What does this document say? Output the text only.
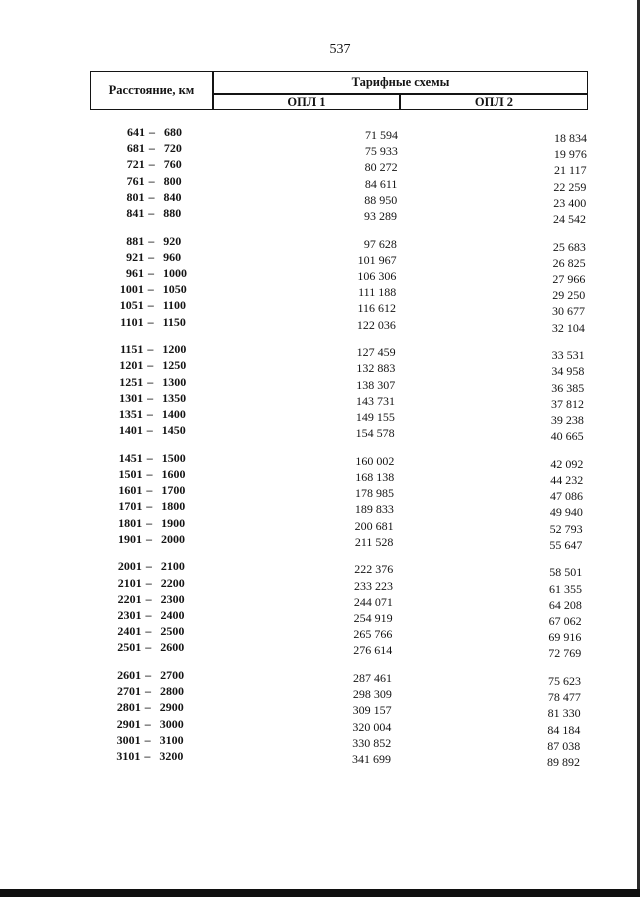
537
Расстояние, км
Тарифные схемы
ОПЛ 1	ОПЛ 2
641 – 680	71 594	18 834
681 – 720	75 933	19 976
721 – 760	80 272	21 117
761 – 800	84 611	22 259
801 – 840	88 950	23 400
841 – 880	93 289	24 542
881 – 920	97 628	25 683
921 – 960	101 967	26 825
961 – 1000	106 306	27 966
1001 – 1050	111 188	29 250
1051 – 1100	116 612	30 677
1101 – 1150	122 036	32 104
1151 – 1200	127 459	33 531
1201 – 1250	132 883	34 958
1251 – 1300	138 307	36 385
1301 – 1350	143 731	37 812
1351 – 1400	149 155	39 238
1401 – 1450	154 578	40 665
1451 – 1500	160 002	42 092
1501 – 1600	168 138	44 232
1601 – 1700	178 985	47 086
1701 – 1800	189 833	49 940
1801 – 1900	200 681	52 793
1901 – 2000	211 528	55 647
2001 – 2100	222 376	58 501
2101 – 2200	233 223	61 355
2201 – 2300	244 071	64 208
2301 – 2400	254 919	67 062
2401 – 2500	265 766	69 916
2501 – 2600	276 614	72 769
2601 – 2700	287 461	75 623
2701 – 2800	298 309	78 477
2801 – 2900	309 157	81 330
2901 – 3000	320 004	84 184
3001 – 3100	330 852	87 038
3101 – 3200	341 699	89 892
